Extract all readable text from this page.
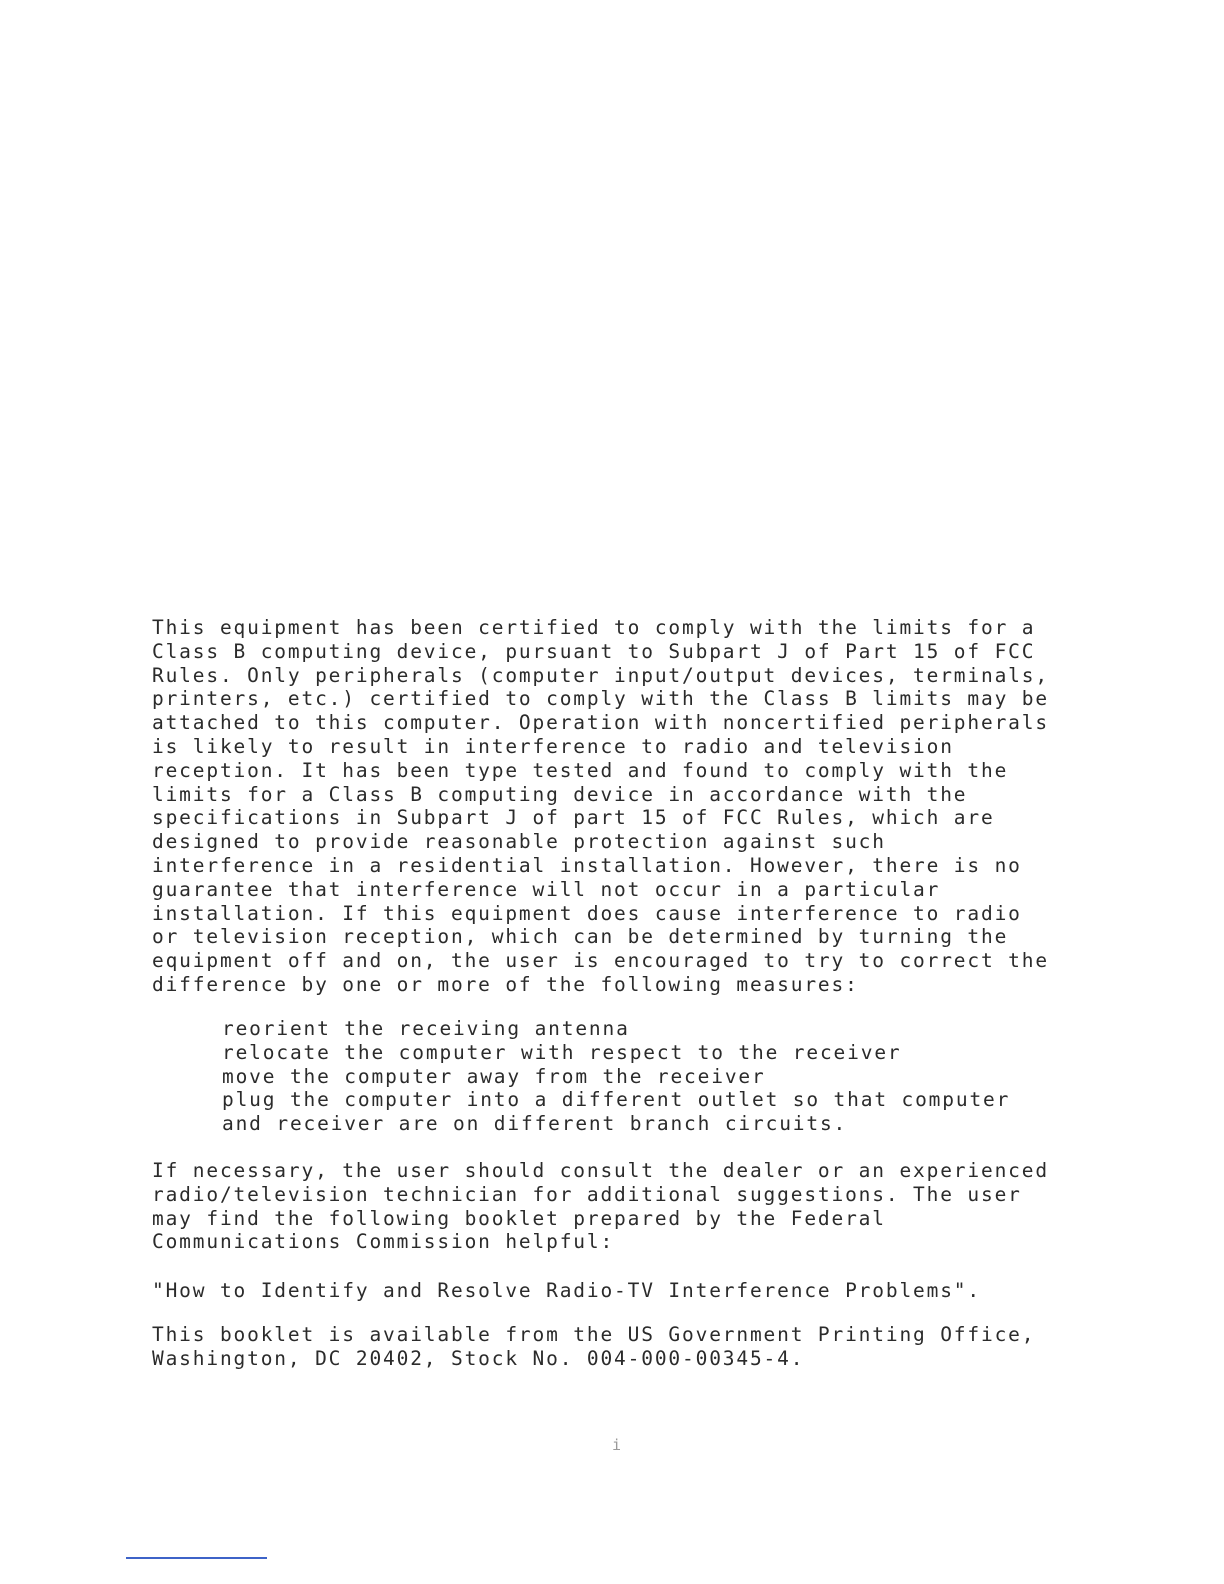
This equipment has been certified to comply with the limits for a
Class B computing device, pursuant to Subpart J of Part 15 of FCC
Rules. Only peripherals (computer input/output devices, terminals,
printers, etc.) certified to comply with the Class B limits may be
attached to this computer. Operation with noncertified peripherals
is likely to result in interference to radio and television
reception. It has been type tested and found to comply with the
limits for a Class B computing device in accordance with the
specifications in Subpart J of part 15 of FCC Rules, which are
designed to provide reasonable protection against such
interference in a residential installation. However, there is no
guarantee that interference will not occur in a particular
installation. If this equipment does cause interference to radio
or television reception, which can be determined by turning the
equipment off and on, the user is encouraged to try to correct the
difference by one or more of the following measures:
reorient the receiving antenna
relocate the computer with respect to the receiver
move the computer away from the receiver
plug the computer into a different outlet so that computer
and receiver are on different branch circuits.
If necessary, the user should consult the dealer or an experienced
radio/television technician for additional suggestions. The user
may find the following booklet prepared by the Federal
Communications Commission helpful:
"How to Identify and Resolve Radio-TV Interference Problems".
This booklet is available from the US Government Printing Office,
Washington, DC 20402, Stock No. 004-000-00345-4.
i
